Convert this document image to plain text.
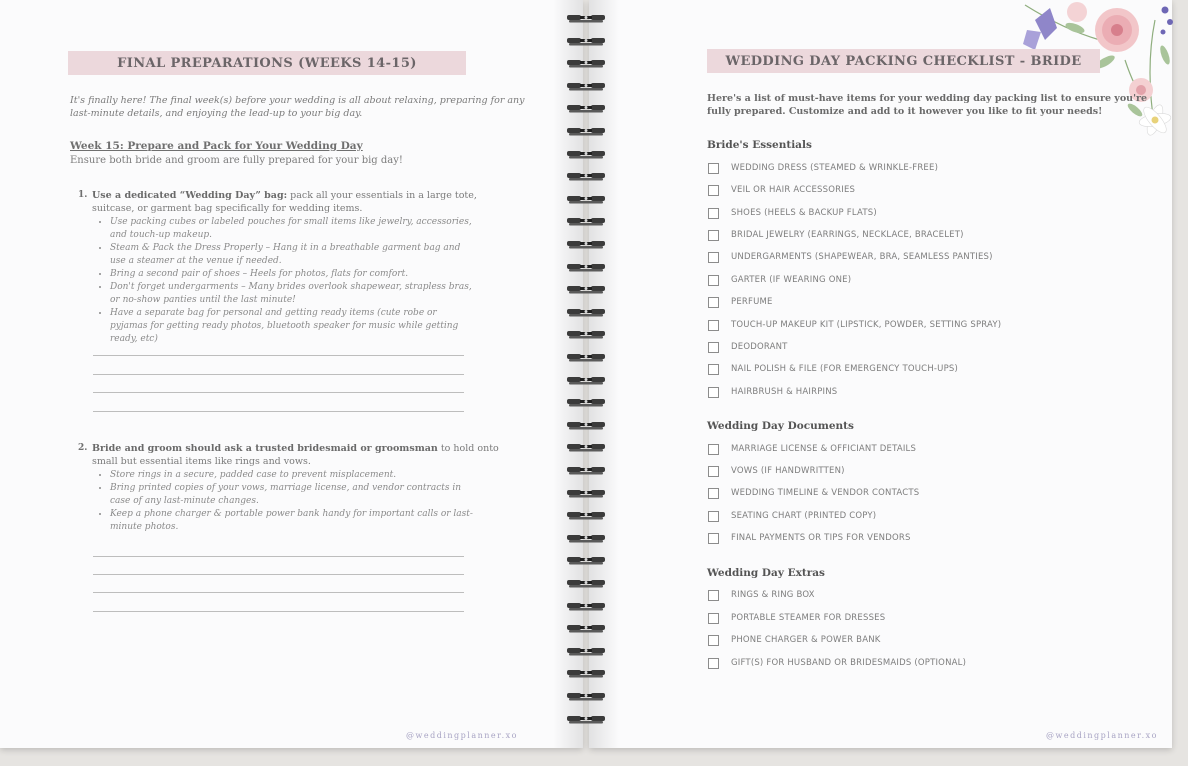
FINAL PREPARATIONS (WEEKS 14-15)
It's finally here! The final week(s) before your wedding is all about relaxing, preparing for any
last-minute details, and enjoying the lead-up to your big day.
Week 15: Prepare and Pack for Your Wedding Day
Ensure both bride and groom are fully prepared for your big day!
1. Use a dedicated “Wedding Day” bag: pack all your essentials in a large tote,
suitcase, or garment bag specifically for wedding items.
• Use packing cubes or labeled pouches for small items like jewelry, accessories, and touch-up makeup.
• Steam & Pack the Dress Properly – Hang it in a breathable garment bag and use a steamer at the venue if needed.
• Bring a second pair of shoes – Heels for photos, flats for comfort.
• Don't forget undergarments – Many brides overlook shapewear, strapless bras, or no-show panties until the last minute!
• Have a separate bag for personal and getting ready items (cute robe or pyjamas for getting ready photos, bluetooth speaker for music while getting ready, etc)
2. Bride and groom should ask a trusted bridesmaid or groomsman to hold onto
small but essential items like rings and vows.
• Store rings in a secure, padded case to prevent misplacement.
• Bring printed copies of your vows, marriage license, and vendor contracts in case of any last-minute changes.
• Keep a phone charger & portable power bank handy for important calls or last-minute photos.
@weddingplanner.xo
WEDDING DAY PACKING CHECKLIST - BRIDE
Here's a list of must-have items for your wedding day packing list to ensure you're
fully prepared. Customize and add to it however you like to fit your needs!
Bride's Essentials
WEDDING DRESS (STEAMED & WRINKLE-FREE)
VEIL OR HAIR ACCESSORIES
SHOES (HEELS & BACKUP FLATS)
BRIDAL JEWELRY (EARRINGS, NECKLACE, BRACELET)
UNDERGARMENTS (SHAPEWEAR, BRA, SEAMLESS PANTIES)
GARTER (IF WEARING ONE)
PERFUME
TOUCH-UP MAKEUP KIT (LIPSTICK, POWDER, SETTING SPRAY)
DEODORANT
NAIL POLISH & FILE (FOR EMERGENCY TOUCH-UPS)
HAIRBRUSH & HAIRPINS
Wedding Day Documents
MARRIAGE LICENSE & OFFICIANT DETAILS
VOWS (IF HANDWRITTEN)
WEDDING TIMELINE & VENDOR CONTACTS
SEATING CHART (PRINTED COPY)
FINAL PAYMENTS OR TIPS FOR VENDORS
Wedding Day Extras
RINGS & RING BOX
PORTABLE STEAMER FOR DRESSES
PHONE CHARGER & POWER BANK
GIFT(S) FOR HUSBAND OR BRIDESMAIDS (OPTIONAL)
@weddingplanner.xo
